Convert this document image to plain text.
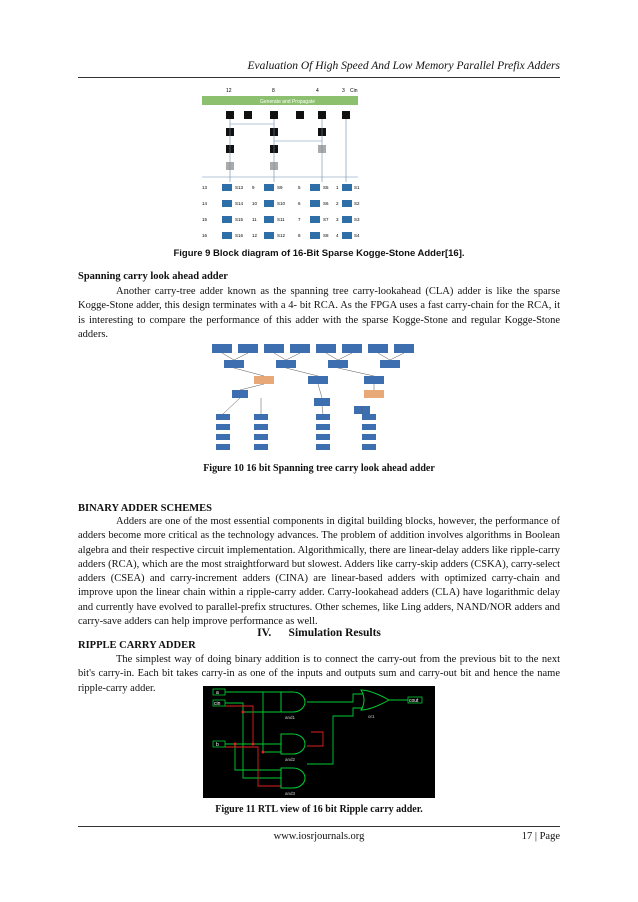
Evaluation Of High Speed And Low Memory Parallel Prefix Adders
12	8	4	3 Cin
Generate and Propagate
13	S13 9	S9	5	S5 1	S1
14	S14 10	S10	6	S6 2	S2
15	S15 11	S11	7	S7 3	S3
16	S16 12	S12	8	S8 4	S4
Figure 9 Block diagram of 16-Bit Sparse Kogge-Stone Adder[16].
Spanning carry look ahead adder
Another carry-tree adder known as the spanning tree carry-lookahead (CLA) adder is like the sparse Kogge-Stone adder, this design terminates with a 4- bit RCA. As the FPGA uses a fast carry-chain for the RCA, it is interesting to compare the performance of this adder with the sparse Kogge-Stone and regular Kogge-Stone adders.
Figure 10 16 bit Spanning tree carry look ahead adder
BINARY ADDER SCHEMES
Adders are one of the most essential components in digital building blocks, however, the performance of adders become more critical as the technology advances. The problem of addition involves algorithms in Boolean algebra and their respective circuit implementation. Algorithmically, there are linear-delay adders like ripple-carry adders (RCA), which are the most straightforward but slowest. Adders like carry-skip adders (CSKA), carry-select adders (CSEA) and carry-increment adders (CINA) are linear-based adders with optimized carry-chain and improve upon the linear chain within a ripple-carry adder. Carry-lookahead adders (CLA) have logarithmic delay and currently have evolved to parallel-prefix structures. Other schemes, like Ling adders, NAND/NOR adders and carry-save adders can help improve performance as well.
IV. Simulation Results
RIPPLE CARRY ADDER
The simplest way of doing binary addition is to connect the carry-out from the previous bit to the next bit's carry-in. Each bit takes carry-in as one of the inputs and outputs sum and carry-out bit and hence the name ripple-carry adder.	a
cin
b
cout
and1	or1
and2
and3
Figure 11 RTL view of 16 bit Ripple carry adder.
www.iosrjournals.org	17 | Page
